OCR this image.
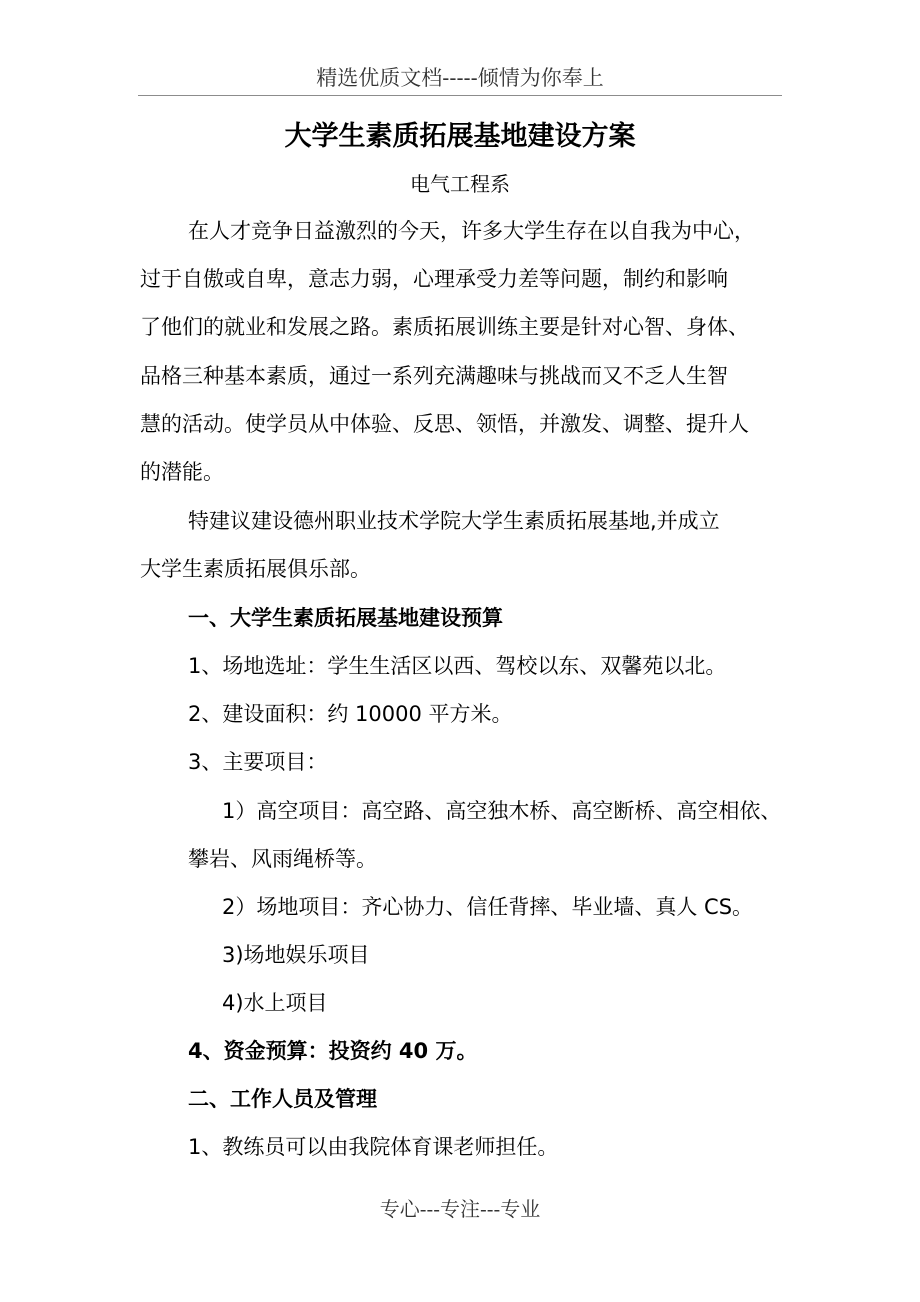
精选优质文档-----倾情为你奉上
大学生素质拓展基地建设方案
电气工程系
在人才竞争日益激烈的今天，许多大学生存在以自我为中心，
过于自傲或自卑，意志力弱，心理承受力差等问题，制约和影响
了他们的就业和发展之路。素质拓展训练主要是针对心智、身体、
品格三种基本素质，通过一系列充满趣味与挑战而又不乏人生智
慧的活动。使学员从中体验、反思、领悟，并激发、调整、提升人
的潜能。
特建议建设德州职业技术学院大学生素质拓展基地,并成立
大学生素质拓展俱乐部。
一、大学生素质拓展基地建设预算
1、场地选址：学生生活区以西、驾校以东、双馨苑以北。
2、建设面积：约 10000 平方米。
3、主要项目：
1）高空项目：高空路、高空独木桥、高空断桥、高空相依、
攀岩、风雨绳桥等。
2）场地项目：齐心协力、信任背摔、毕业墙、真人 CS。
3)场地娱乐项目
4)水上项目
4、资金预算：投资约 40 万。
二、工作人员及管理
1、教练员可以由我院体育课老师担任。
专心---专注---专业
